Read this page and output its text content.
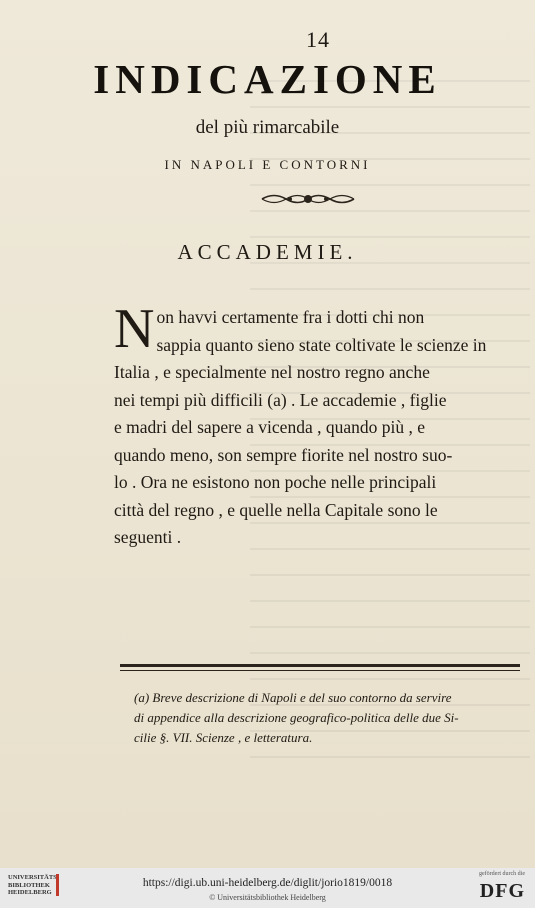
14
INDICAZIONE
del più rimarcabile
IN NAPOLI E CONTORNI
ACCADEMIE.
N on havvi certamente fra i dotti chi non
sappia quanto sieno state coltivate le scienze in
Italia , e specialmente nel nostro regno anche
nei tempi più difficili (a) . Le accademie , figlie
e madri del sapere a vicenda , quando più , e
quando meno, son sempre fiorite nel nostro suo-
lo . Ora ne esistono non poche nelle principali
città del regno , e quelle nella Capitale sono le
seguenti .
(a) Breve descrizione di Napoli e del suo contorno da servire
di appendice alla descrizione geografico-politica delle due Si-
cilie §. VII. Scienze , e letteratura.
UNIVERSITÄTS-
BIBLIOTHEK
HEIDELBERG
https://digi.ub.uni-heidelberg.de/diglit/jorio1819/0018
© Universitätsbibliothek Heidelberg
gefördert durch die
DFG
